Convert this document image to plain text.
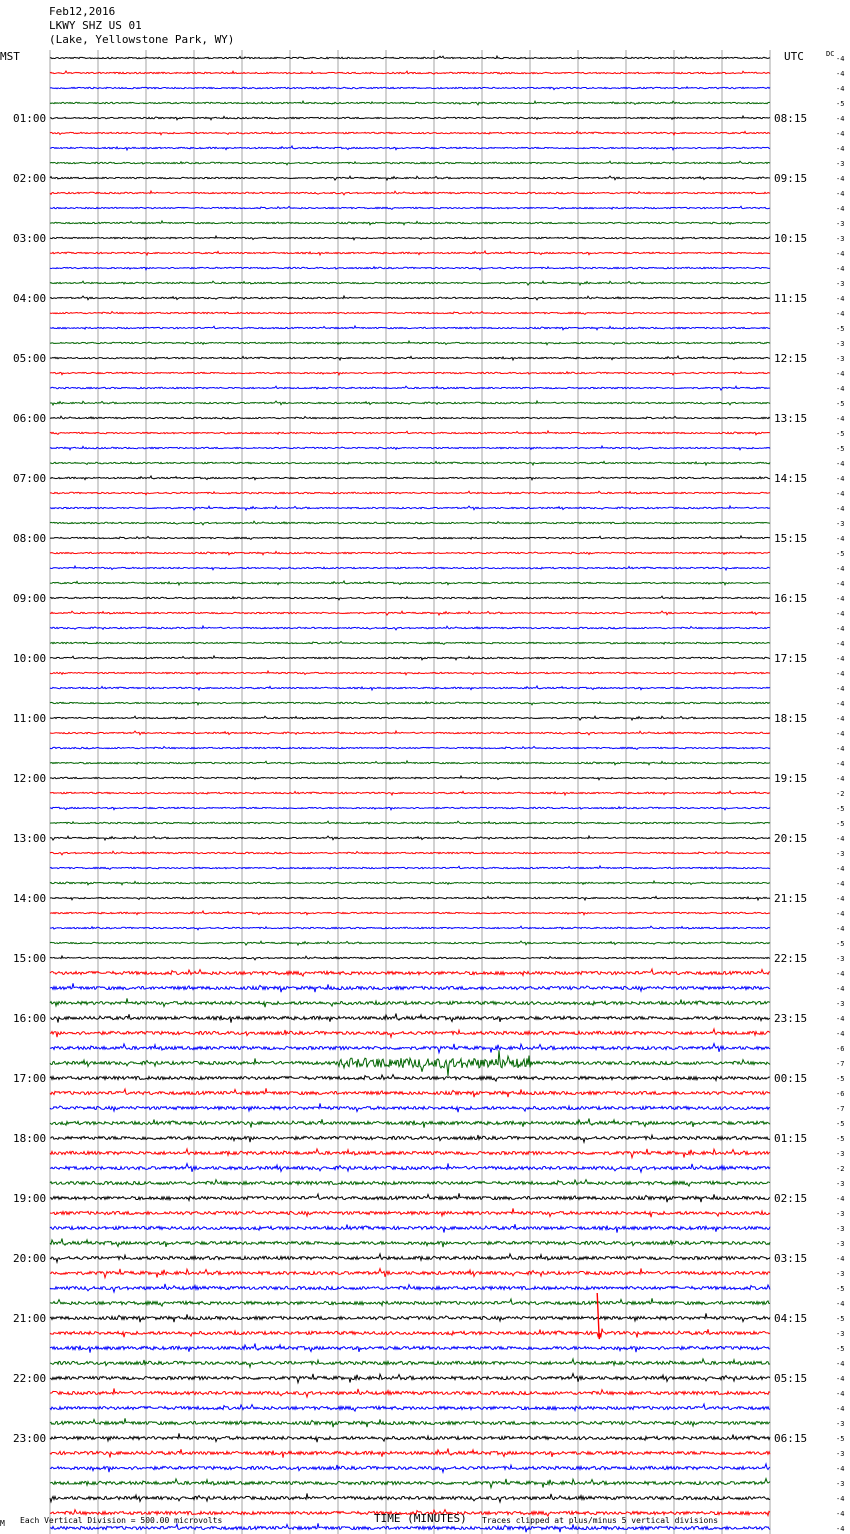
Feb12,2016
LKWY SHZ US 01
(Lake, Yellowstone Park, WY)
01:00
02:00
03:00
04:00
05:00
06:00
07:00
08:00
09:00
10:00
11:00
12:00
13:00
14:00
15:00
16:00
17:00
18:00
19:00
20:00
21:00
22:00
23:00
08:15
09:15
10:15
11:15
12:15
13:15
14:15
15:15
16:15
17:15
18:15
19:15
20:15
21:15
22:15
23:15
00:15
01:15
02:15
03:15
04:15
05:15
06:15
-4
-4
-4
-5
-4
-4
-4
-3
-4
-4
-4
-3
-3
-4
-4
-3
-4
-4
-5
-3
-3
-4
-4
-5
-4
-5
-5
-4
-4
-4
-4
-3
-4
-5
-4
-4
-4
-4
-4
-4
-4
-4
-4
-4
-4
-4
-4
-4
-4
-2
-5
-5
-4
-3
-4
-4
-4
-4
-4
-5
-3
-4
-4
-3
-4
-4
-6
-7
-5
-6
-7
-5
-5
-3
-2
-3
-4
-3
-3
-3
-4
-3
-5
-4
-5
-3
-5
-4
-4
-4
-4
-3
-5
-3
-4
-3
-4
-4
-4
MST	UTC	DC
M Each Vertical Division = 500.00 microvolts	TIME (MINUTES) Traces clipped at plus/minus 5 vertical divisions
